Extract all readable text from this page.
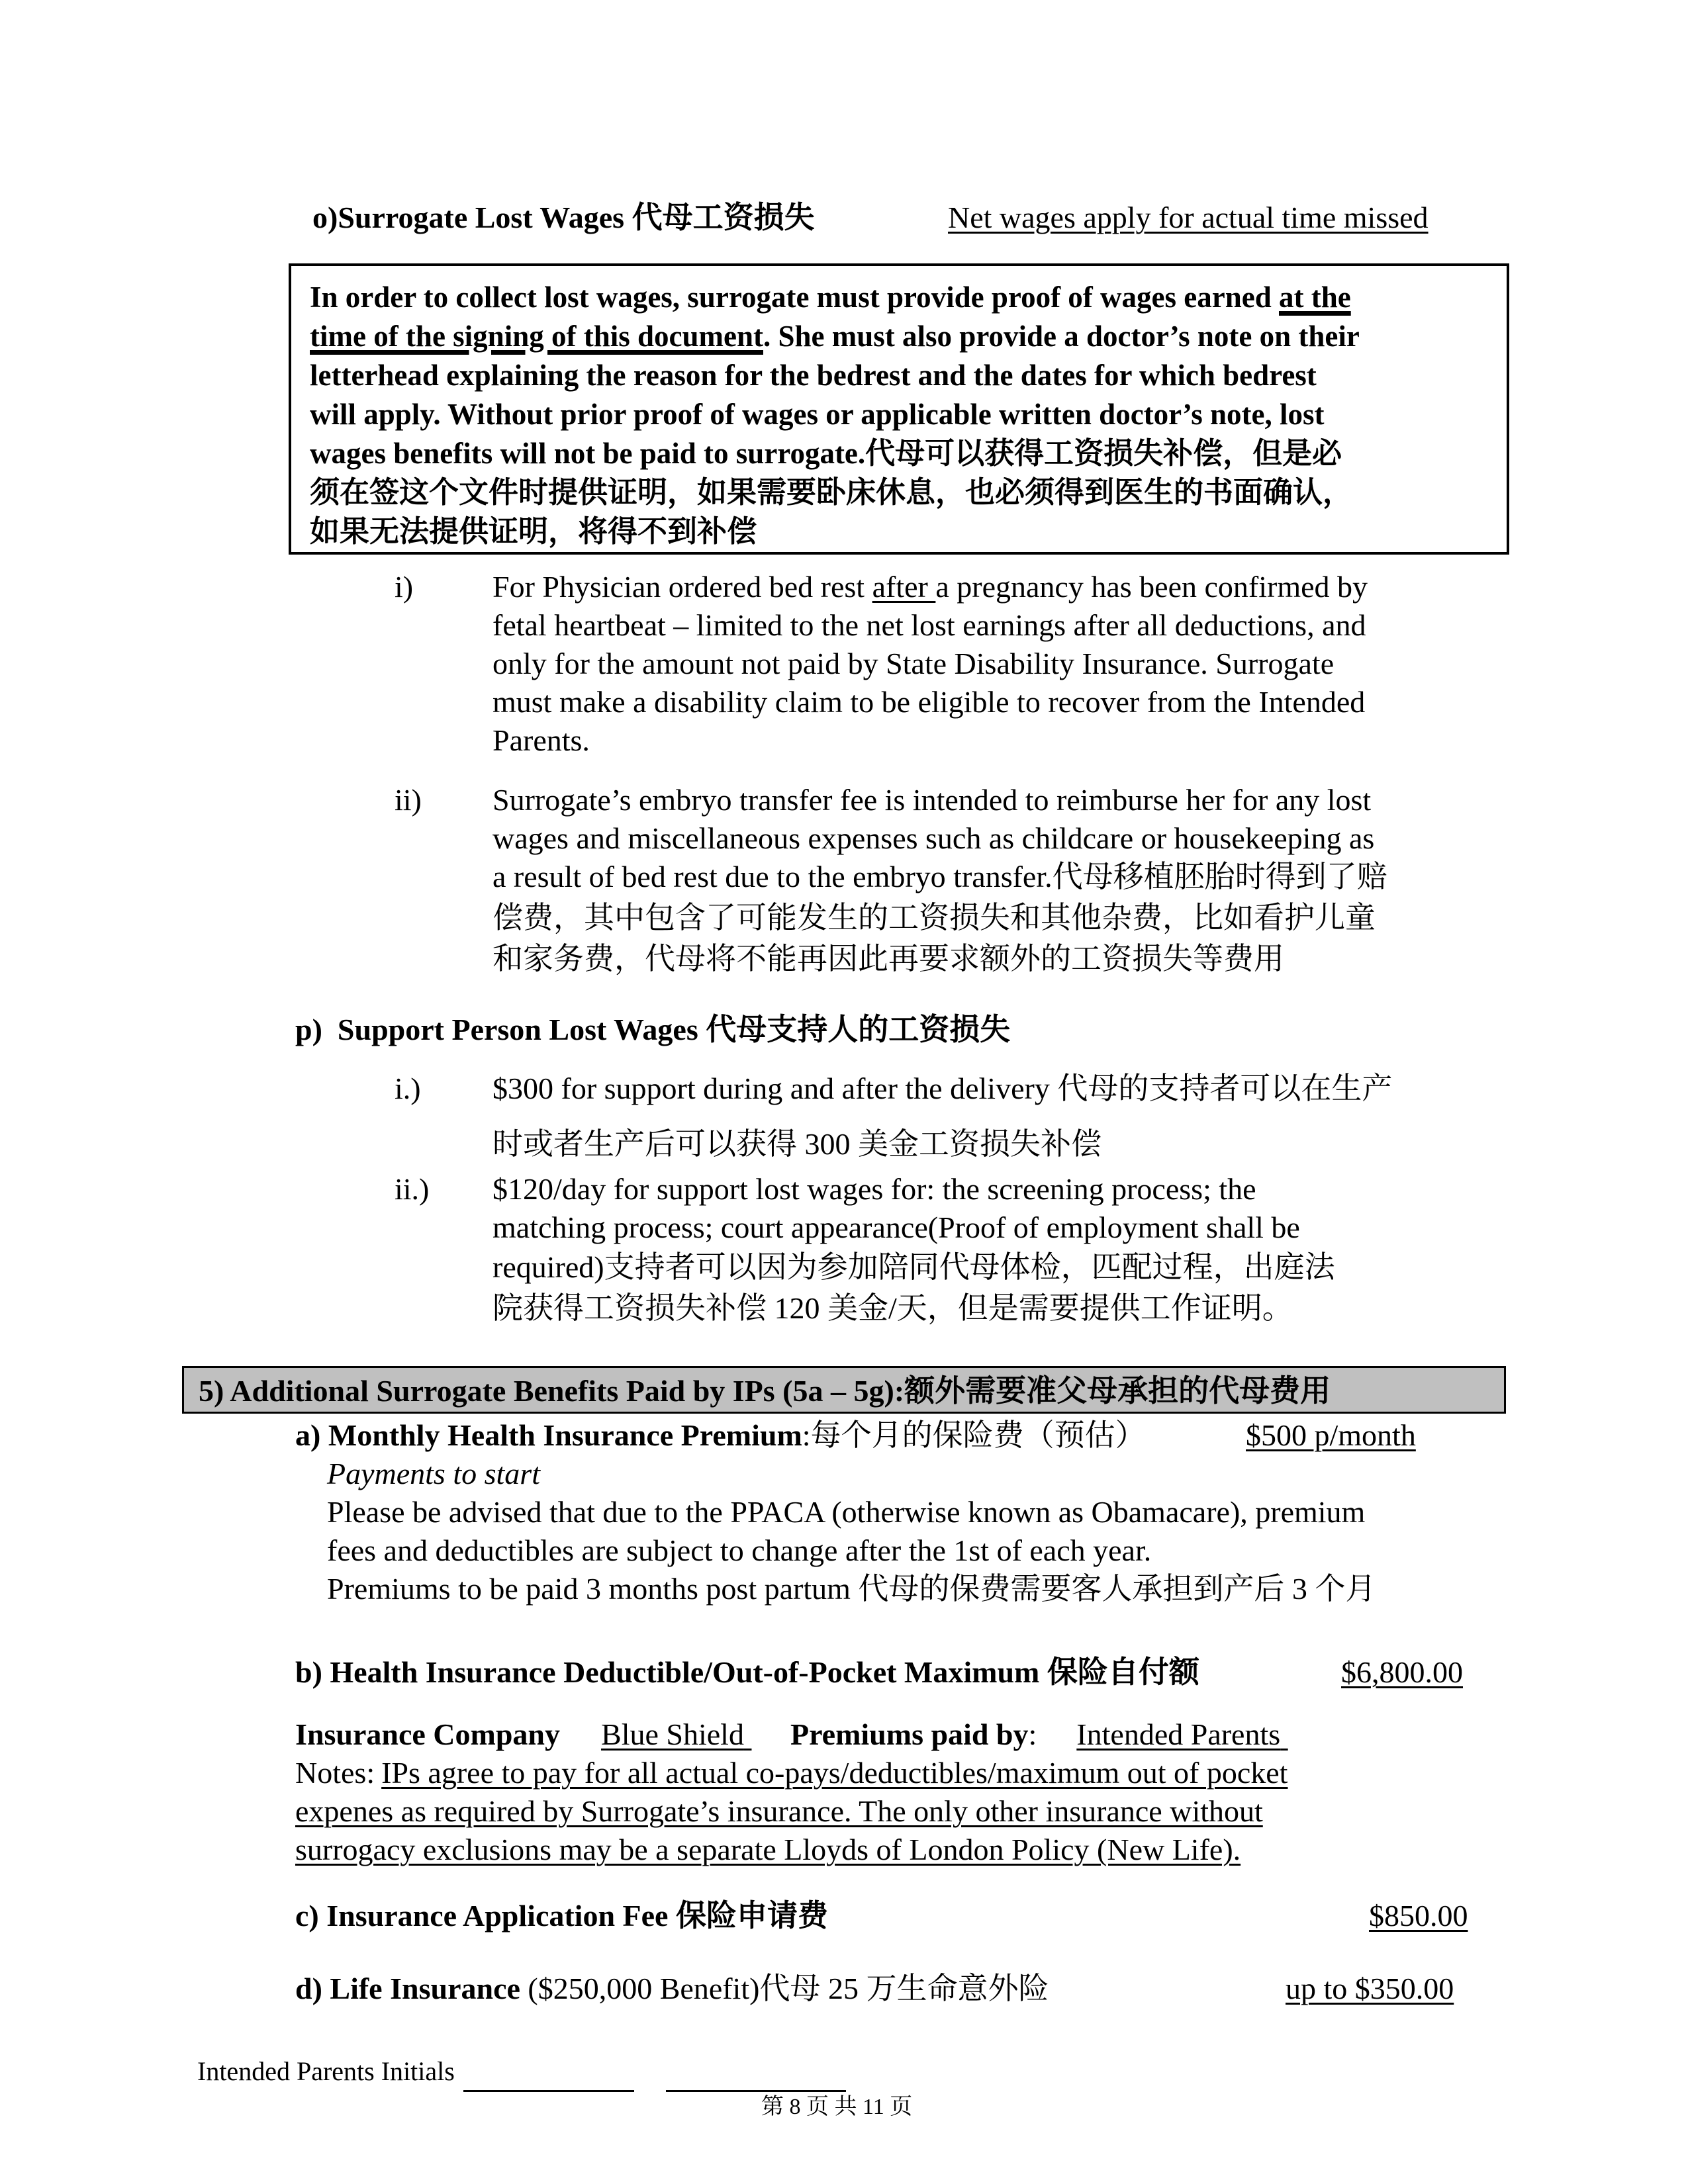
o)Surrogate Lost Wages 代母工资损失	Net wages apply for actual time missed
In order to collect lost wages, surrogate must provide proof of wages earned at the
time of the signing of this document. She must also provide a doctor’s note on their
letterhead explaining the reason for the bedrest and the dates for which bedrest
will apply. Without prior proof of wages or applicable written doctor’s note, lost
wages benefits will not be paid to surrogate.代母可以获得工资损失补偿，但是必
须在签这个文件时提供证明，如果需要卧床休息，也必须得到医生的书面确认，
如果无法提供证明，将得不到补偿
i)	For Physician ordered bed rest after a pregnancy has been confirmed by
fetal heartbeat – limited to the net lost earnings after all deductions, and
only for the amount not paid by State Disability Insurance. Surrogate
must make a disability claim to be eligible to recover from the Intended
Parents.
ii) Surrogate’s embryo transfer fee is intended to reimburse her for any lost
wages and miscellaneous expenses such as childcare or housekeeping as
a result of bed rest due to the embryo transfer.代母移植胚胎时得到了赔
偿费，其中包含了可能发生的工资损失和其他杂费，比如看护儿童
和家务费，代母将不能再因此再要求额外的工资损失等费用
p) Support Person Lost Wages 代母支持人的工资损失
i.) $300 for support during and after the delivery 代母的支持者可以在生产
时或者生产后可以获得 300 美金工资损失补偿
ii.) $120/day for support lost wages for: the screening process; the
matching process; court appearance(Proof of employment shall be
required)支持者可以因为参加陪同代母体检，匹配过程，出庭法
院获得工资损失补偿 120 美金/天，但是需要提供工作证明。
5) Additional Surrogate Benefits Paid by IPs (5a – 5g):额外需要准父母承担的代母费用
a) Monthly Health Insurance Premium:每个月的保险费（预估）	$500 p/month
Payments to start
Please be advised that due to the PPACA (otherwise known as Obamacare), premium
fees and deductibles are subject to change after the 1st of each year.
Premiums to be paid 3 months post partum 代母的保费需要客人承担到产后 3 个月
b) Health Insurance Deductible/Out-of-Pocket Maximum 保险自付额	$6,800.00
Insurance Company Blue Shield Premiums paid by: Intended Parents
Notes: IPs agree to pay for all actual co-pays/deductibles/maximum out of pocket
expenes as required by Surrogate’s insurance. The only other insurance without
surrogacy exclusions may be a separate Lloyds of London Policy (New Life).
c) Insurance Application Fee 保险申请费	$850.00
d) Life Insurance ($250,000 Benefit)代母 25 万生命意外险	up to $350.00
Intended Parents Initials
第 8 页 共 11 页
